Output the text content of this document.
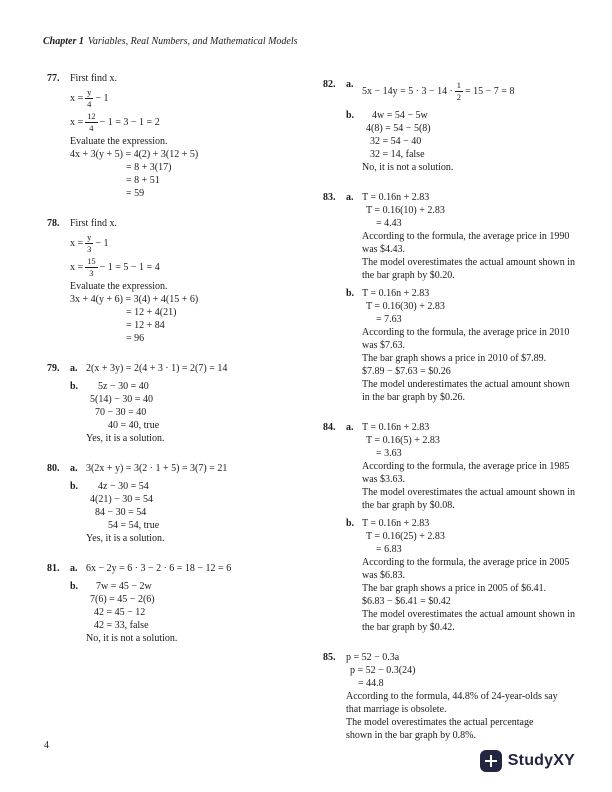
Chapter 1 Variables, Real Numbers, and Mathematical Models
77.	First find x.
$x = \frac{y}{4} - 1$
$x = \frac{12}{4} - 1 = 3 - 1 = 2$
Evaluate the expression.
4x + 3(y + 5) = 4(2) + 3(12 + 5)
= 8 + 3(17)
= 8 + 51
= 59
78.	First find x.
$x = \frac{y}{3} - 1$
$x = \frac{15}{3} - 1 = 5 - 1 = 4$
Evaluate the expression.
3x + 4(y + 6) = 3(4) + 4(15 + 6)
= 12 + 4(21)
= 12 + 84
= 96
79.	a. 2(x + 3y) = 2(4 + 3 ⋅ 1) = 2(7) = 14
b.	5z − 30 = 40
5(14) − 30 = 40
70 − 30 = 40
40 = 40, true
Yes, it is a solution.
80.	a. 3(2x + y) = 3(2 ⋅ 1 + 5) = 3(7) = 21
b.	4z − 30 = 54
4(21) − 30 = 54
84 − 30 = 54
54 = 54, true
Yes, it is a solution.
81.	a. 6x − 2y = 6 ⋅ 3 − 2 ⋅ 6 = 18 − 12 = 6
b.	7w = 45 − 2w
7(6) = 45 − 2(6)
42 = 45 − 12
42 = 33, false
No, it is not a solution.
82.	a.
$5x - 14y = 5 \cdot 3 - 14 \cdot \frac{1}{2} = 15 - 7 = 8$
b.	4w = 54 − 5w
4(8) = 54 − 5(8)
32 = 54 − 40
32 = 14, false
No, it is not a solution.
83.	a. T = 0.16n + 2.83
T = 0.16(10) + 2.83
= 4.43
According to the formula, the average price in 1990 was $4.43.
The model overestimates the actual amount shown in the bar graph by $0.20.
b. T = 0.16n + 2.83
T = 0.16(30) + 2.83
= 7.63
According to the formula, the average price in 2010 was $7.63.
The bar graph shows a price in 2010 of $7.89.
$7.89 − $7.63 = $0.26
The model underestimates the actual amount shown in the bar graph by $0.26.
84.	a. T = 0.16n + 2.83
T = 0.16(5) + 2.83
= 3.63
According to the formula, the average price in 1985 was $3.63.
The model overestimates the actual amount shown in the bar graph by $0.08.
b. T = 0.16n + 2.83
T = 0.16(25) + 2.83
= 6.83
According to the formula, the average price in 2005 was $6.83.
The bar graph shows a price in 2005 of $6.41.
$6.83 − $6.41 = $0.42
The model overestimates the actual amount shown in the bar graph by $0.42.
85.	p = 52 − 0.3a
p = 52 − 0.3(24)
= 44.8
According to the formula, 44.8% of 24-year-olds say that marriage is obsolete.
The model overestimates the actual percentage shown in the bar graph by 0.8%.
4
StudyXY
